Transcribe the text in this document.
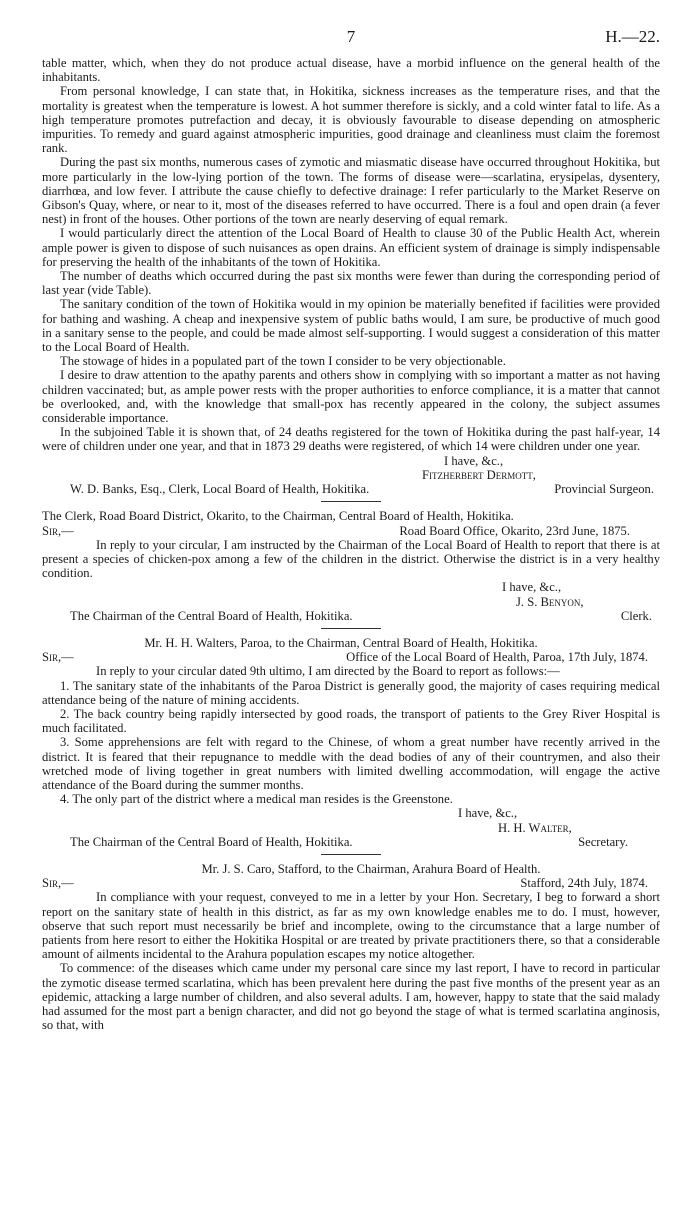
7	H.—22.

table matter, which, when they do not produce actual disease, have a morbid influence on the general health of the inhabitants.

From personal knowledge, I can state that, in Hokitika, sickness increases as the temperature rises, and that the mortality is greatest when the temperature is lowest. A hot summer therefore is sickly, and a cold winter fatal to life. As a high temperature promotes putrefaction and decay, it is obviously favourable to disease depending on atmospheric impurities. To remedy and guard against atmospheric impurities, good drainage and cleanliness must claim the foremost rank.

During the past six months, numerous cases of zymotic and miasmatic disease have occurred throughout Hokitika, but more particularly in the low-lying portion of the town. The forms of disease were—scarlatina, erysipelas, dysentery, diarrhœa, and low fever. I attribute the cause chiefly to defective drainage: I refer particularly to the Market Reserve on Gibson's Quay, where, or near to it, most of the diseases referred to have occurred. There is a foul and open drain (a fever nest) in front of the houses. Other portions of the town are nearly deserving of equal remark.

I would particularly direct the attention of the Local Board of Health to clause 30 of the Public Health Act, wherein ample power is given to dispose of such nuisances as open drains. An efficient system of drainage is simply indispensable for preserving the health of the inhabitants of the town of Hokitika.

The number of deaths which occurred during the past six months were fewer than during the corresponding period of last year (vide Table).

The sanitary condition of the town of Hokitika would in my opinion be materially benefited if facilities were provided for bathing and washing. A cheap and inexpensive system of public baths would, I am sure, be productive of much good in a sanitary sense to the people, and could be made almost self-supporting. I would suggest a consideration of this matter to the Local Board of Health.

The stowage of hides in a populated part of the town I consider to be very objectionable.

I desire to draw attention to the apathy parents and others show in complying with so important a matter as not having children vaccinated; but, as ample power rests with the proper authorities to enforce compliance, it is a matter that cannot be overlooked, and, with the knowledge that small-pox has recently appeared in the colony, the subject assumes considerable importance.

In the subjoined Table it is shown that, of 24 deaths registered for the town of Hokitika during the past half-year, 14 were of children under one year, and that in 1873 29 deaths were registered, of which 14 were children under one year.

I have, &c.,
Fitzherbert Dermott,
W. D. Banks, Esq., Clerk, Local Board of Health, Hokitika.	Provincial Surgeon.

The Clerk, Road Board District, Okarito, to the Chairman, Central Board of Health, Hokitika.

Sir,—	Road Board Office, Okarito, 23rd June, 1875.

In reply to your circular, I am instructed by the Chairman of the Local Board of Health to report that there is at present a species of chicken-pox among a few of the children in the district. Otherwise the district is in a very healthy condition.

I have, &c.,
J. S. Benyon,
The Chairman of the Central Board of Health, Hokitika.	Clerk.

Mr. H. H. Walters, Paroa, to the Chairman, Central Board of Health, Hokitika.

Sir,—	Office of the Local Board of Health, Paroa, 17th July, 1874.

In reply to your circular dated 9th ultimo, I am directed by the Board to report as follows:—

1. The sanitary state of the inhabitants of the Paroa District is generally good, the majority of cases requiring medical attendance being of the nature of mining accidents.

2. The back country being rapidly intersected by good roads, the transport of patients to the Grey River Hospital is much facilitated.

3. Some apprehensions are felt with regard to the Chinese, of whom a great number have recently arrived in the district. It is feared that their repugnance to meddle with the dead bodies of any of their countrymen, and also their wretched mode of living together in great numbers with limited dwelling accommodation, will engage the active attendance of the Board during the summer months.

4. The only part of the district where a medical man resides is the Greenstone.

I have, &c.,
H. H. Walter,
The Chairman of the Central Board of Health, Hokitika.	Secretary.

Mr. J. S. Caro, Stafford, to the Chairman, Arahura Board of Health.

Sir,—	Stafford, 24th July, 1874.

In compliance with your request, conveyed to me in a letter by your Hon. Secretary, I beg to forward a short report on the sanitary state of health in this district, as far as my own knowledge enables me to do. I must, however, observe that such report must necessarily be brief and incomplete, owing to the circumstance that a large number of patients from here resort to either the Hokitika Hospital or are treated by private practitioners there, so that a considerable amount of ailments incidental to the Arahura population escapes my notice altogether.

To commence: of the diseases which came under my personal care since my last report, I have to record in particular the zymotic disease termed scarlatina, which has been prevalent here during the past five months of the present year as an epidemic, attacking a large number of children, and also several adults. I am, however, happy to state that the said malady had assumed for the most part a benign character, and did not go beyond the stage of what is termed scarlatina anginosis, so that, with
